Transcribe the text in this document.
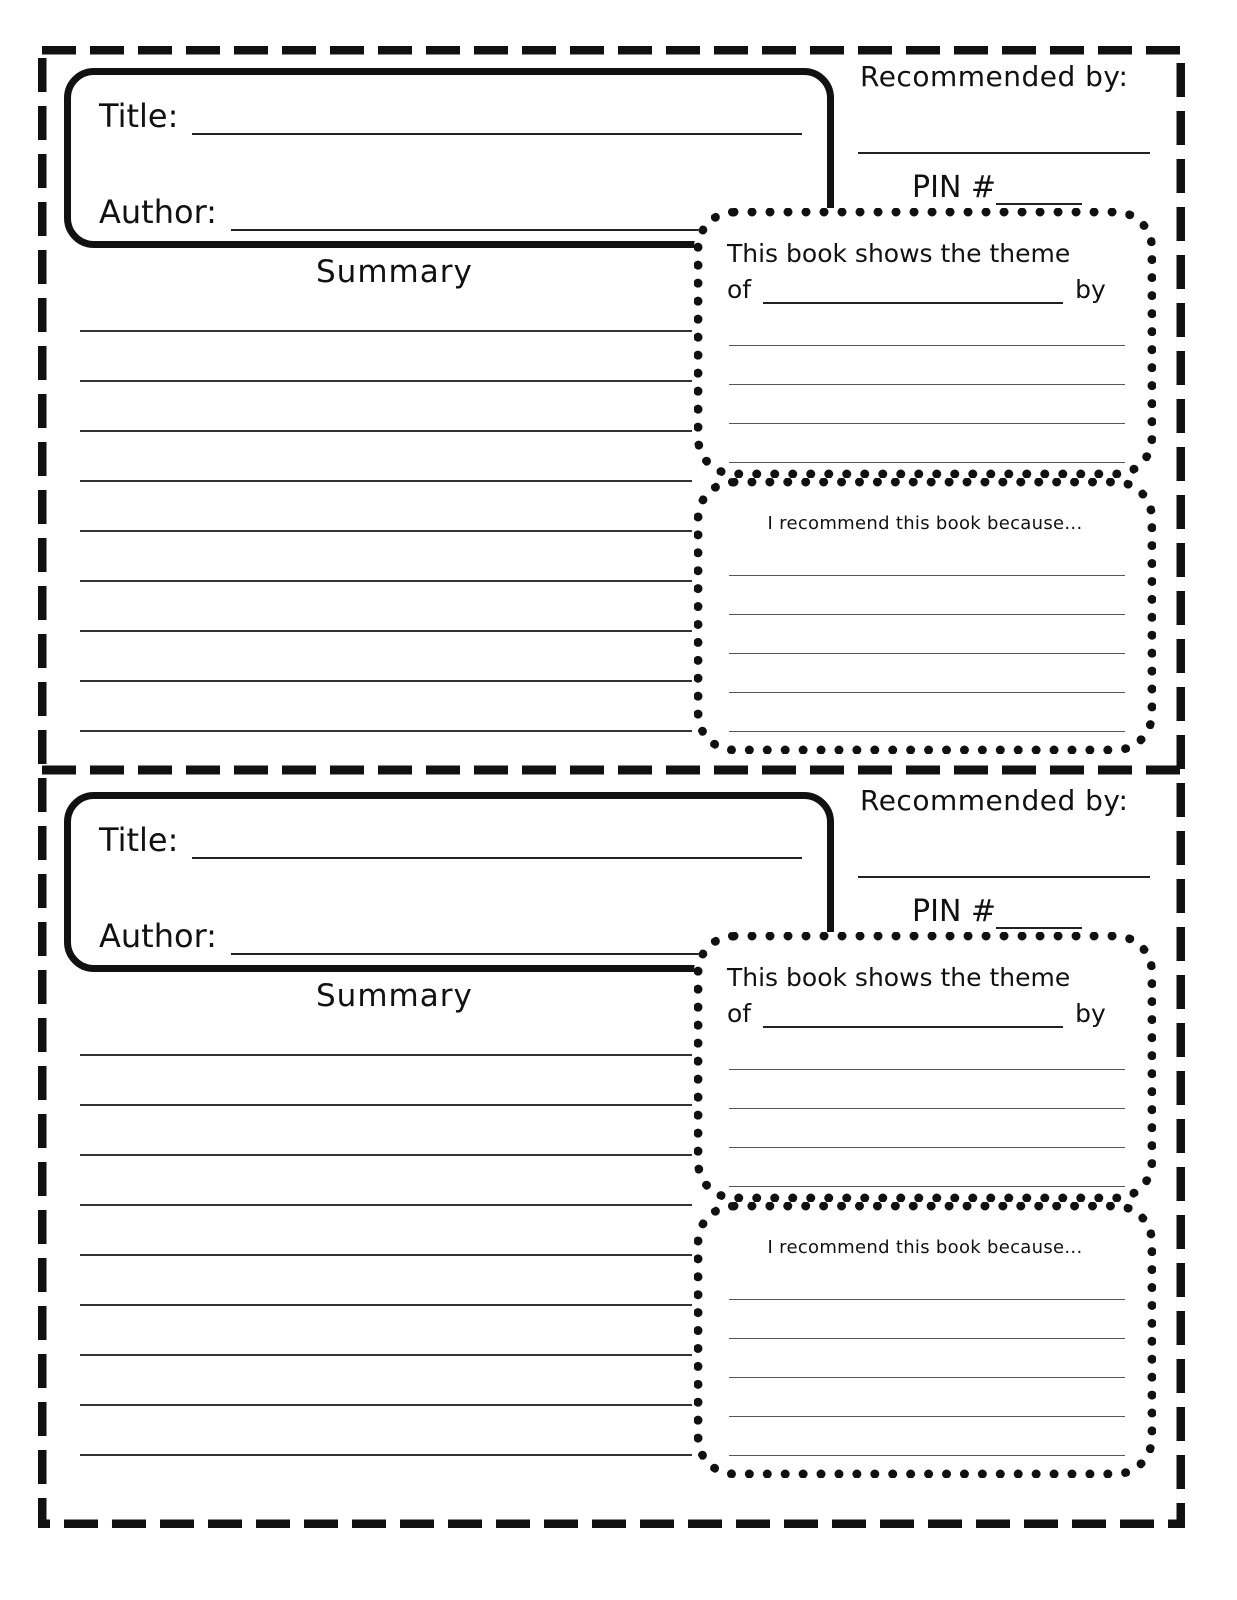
Title:
Author:
Recommended by:
PIN #
Summary
This book shows the theme
of	by
I recommend this book because...
Title:
Author:
Recommended by:
PIN #
Summary
This book shows the theme
of	by
I recommend this book because...
